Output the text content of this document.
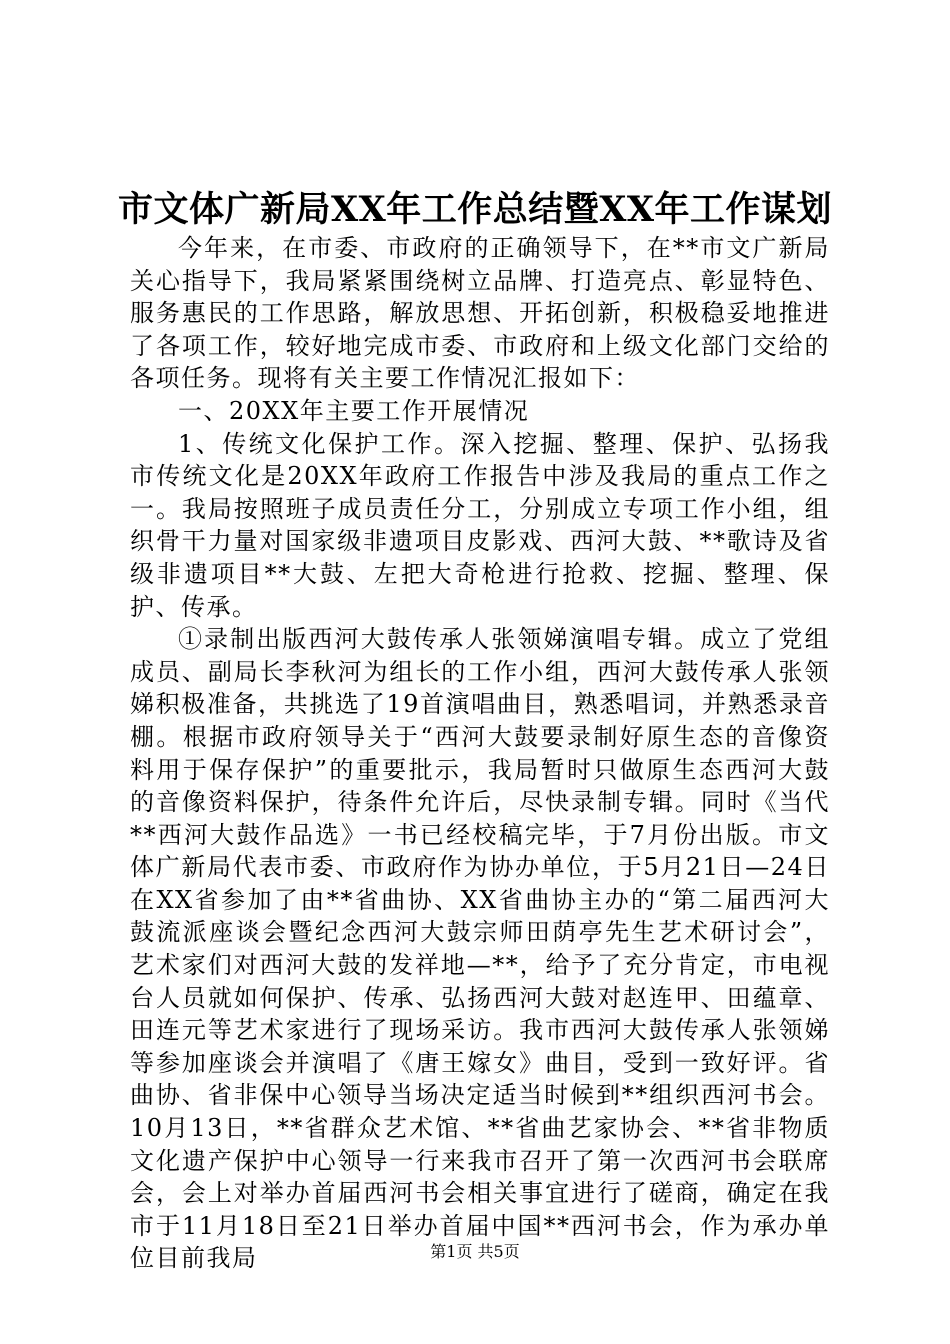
市文体广新局XX年工作总结暨XX年工作谋划

今年来，在市委、市政府的正确领导下，在**市文广新局关心指导下，我局紧紧围绕树立品牌、打造亮点、彰显特色、服务惠民的工作思路，解放思想、开拓创新，积极稳妥地推进了各项工作，较好地完成市委、市政府和上级文化部门交给的各项任务。现将有关主要工作情况汇报如下：

一、20XX年主要工作开展情况

1、传统文化保护工作。深入挖掘、整理、保护、弘扬我市传统文化是20XX年政府工作报告中涉及我局的重点工作之一。我局按照班子成员责任分工，分别成立专项工作小组，组织骨干力量对国家级非遗项目皮影戏、西河大鼓、**歌诗及省级非遗项目**大鼓、左把大奇枪进行抢救、挖掘、整理、保护、传承。

①录制出版西河大鼓传承人张领娣演唱专辑。成立了党组成员、副局长李秋河为组长的工作小组，西河大鼓传承人张领娣积极准备，共挑选了19首演唱曲目，熟悉唱词，并熟悉录音棚。根据市政府领导关于“西河大鼓要录制好原生态的音像资料用于保存保护”的重要批示，我局暂时只做原生态西河大鼓的音像资料保护，待条件允许后，尽快录制专辑。同时《当代**西河大鼓作品选》一书已经校稿完毕，于7月份出版。市文体广新局代表市委、市政府作为协办单位，于5月21日—24日在XX省参加了由**省曲协、XX省曲协主办的“第二届西河大鼓流派座谈会暨纪念西河大鼓宗师田荫亭先生艺术研讨会”，艺术家们对西河大鼓的发祥地—**，给予了充分肯定，市电视台人员就如何保护、传承、弘扬西河大鼓对赵连甲、田蕴章、田连元等艺术家进行了现场采访。我市西河大鼓传承人张领娣等参加座谈会并演唱了《唐王嫁女》曲目，受到一致好评。省曲协、省非保中心领导当场决定适当时候到**组织西河书会。10月13日，**省群众艺术馆、**省曲艺家协会、**省非物质文化遗产保护中心领导一行来我市召开了第一次西河书会联席会，会上对举办首届西河书会相关事宜进行了磋商，确定在我市于11月18日至21日举办首届中国**西河书会，作为承办单位目前我局	第1页 共5页
